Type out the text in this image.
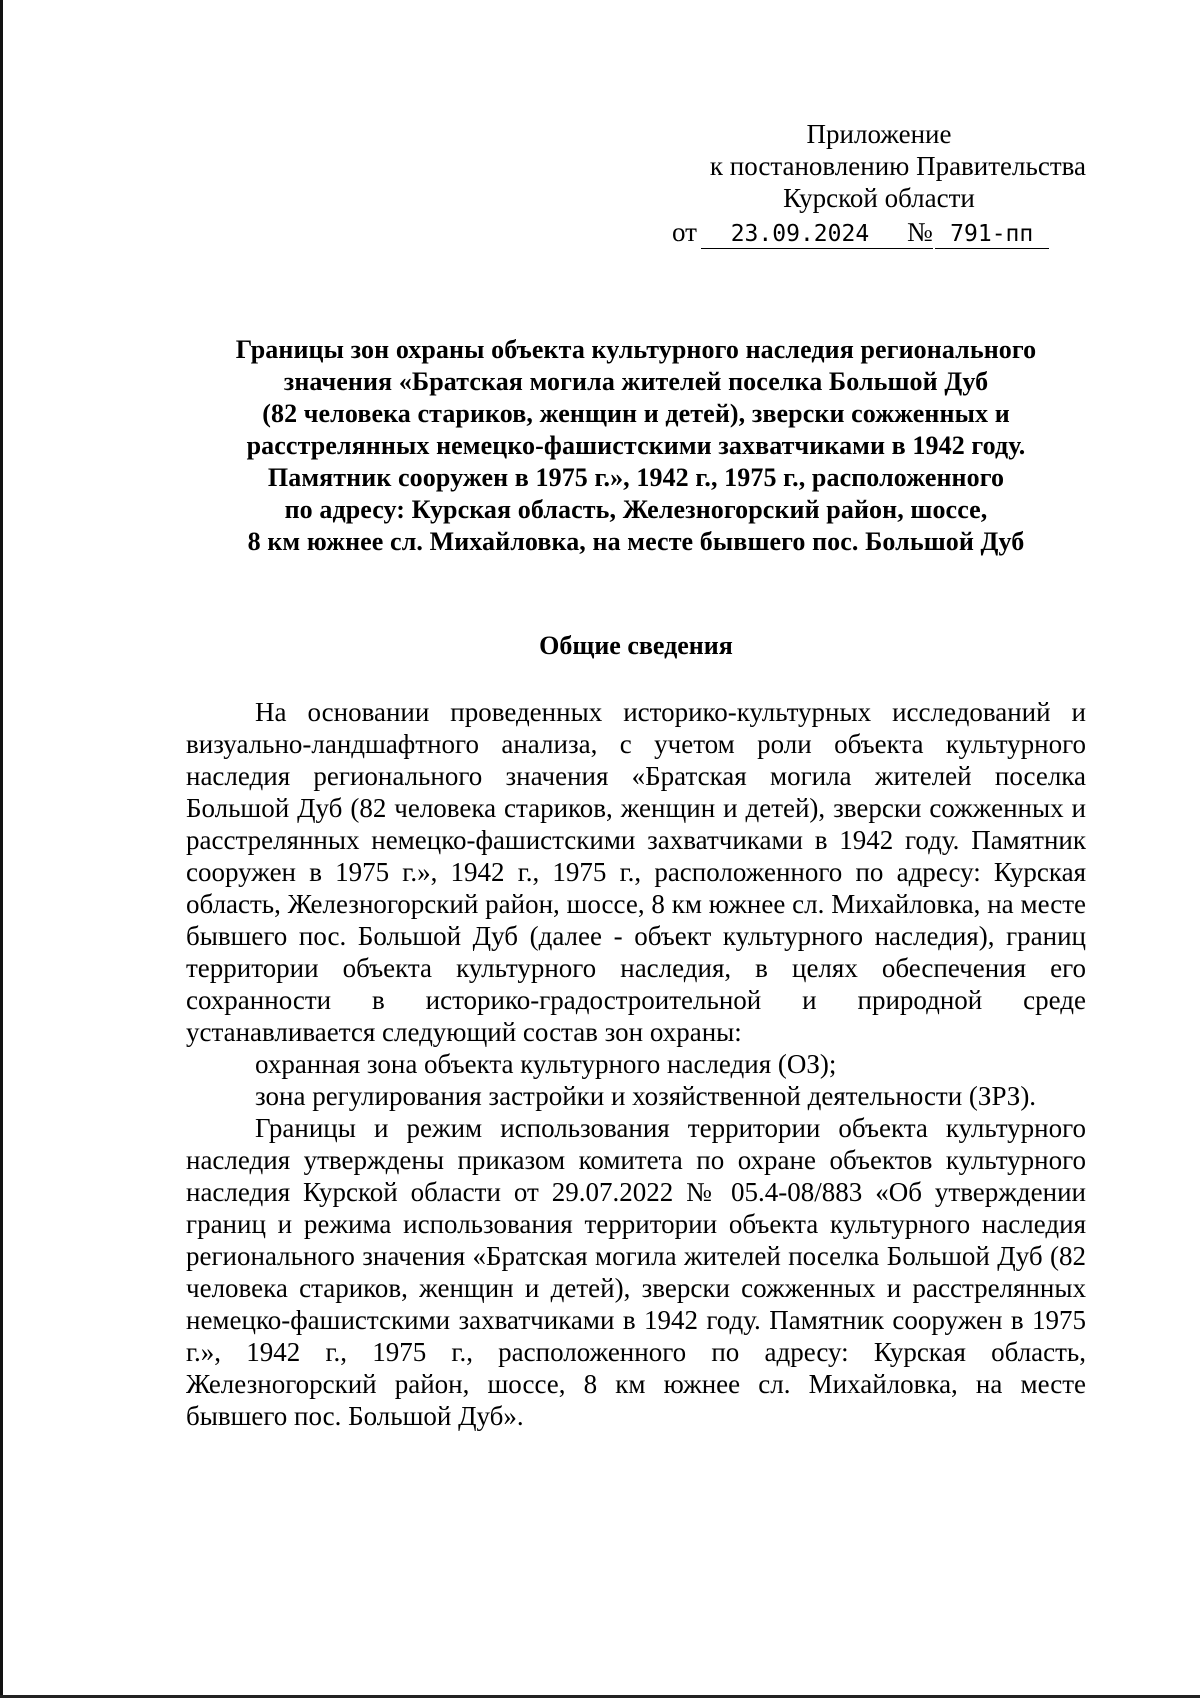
Приложение
к постановлению Правительства
Курской области
от	23.09.2024	№ 791-пп
Границы зон охраны объекта культурного наследия регионального
значения «Братская могила жителей поселка Большой Дуб
(82 человека стариков, женщин и детей), зверски сожженных и
расстрелянных немецко-фашистскими захватчиками в 1942 году.
Памятник сооружен в 1975 г.», 1942 г., 1975 г., расположенного
по адресу: Курская область, Железногорский район, шоссе,
8 км южнее сл. Михайловка, на месте бывшего пос. Большой Дуб
Общие сведения

На основании проведенных историко-культурных исследований и визуально-ландшафтного анализа, с учетом роли объекта культурного наследия регионального значения «Братская могила жителей поселка Большой Дуб (82 человека стариков, женщин и детей), зверски сожженных и расстрелянных немецко-фашистскими захватчиками в 1942 году. Памятник сооружен в 1975 г.», 1942 г., 1975 г., расположенного по адресу: Курская область, Железногорский район, шоссе, 8 км южнее сл. Михайловка, на месте бывшего пос. Большой Дуб (далее - объект культурного наследия), границ территории объекта культурного наследия, в целях обеспечения его сохранности в историко-градостроительной и природной среде устанавливается следующий состав зон охраны:

охранная зона объекта культурного наследия (ОЗ);
зона регулирования застройки и хозяйственной деятельности (ЗРЗ).

Границы и режим использования территории объекта культурного наследия утверждены приказом комитета по охране объектов культурного наследия Курской области от 29.07.2022 № 05.4-08/883 «Об утверждении границ и режима использования территории объекта культурного наследия регионального значения «Братская могила жителей поселка Большой Дуб (82 человека стариков, женщин и детей), зверски сожженных и расстрелянных немецко-фашистскими захватчиками в 1942 году. Памятник сооружен в 1975 г.», 1942 г., 1975 г., расположенного по адресу: Курская область, Железногорский район, шоссе, 8 км южнее сл. Михайловка, на месте бывшего пос. Большой Дуб».
